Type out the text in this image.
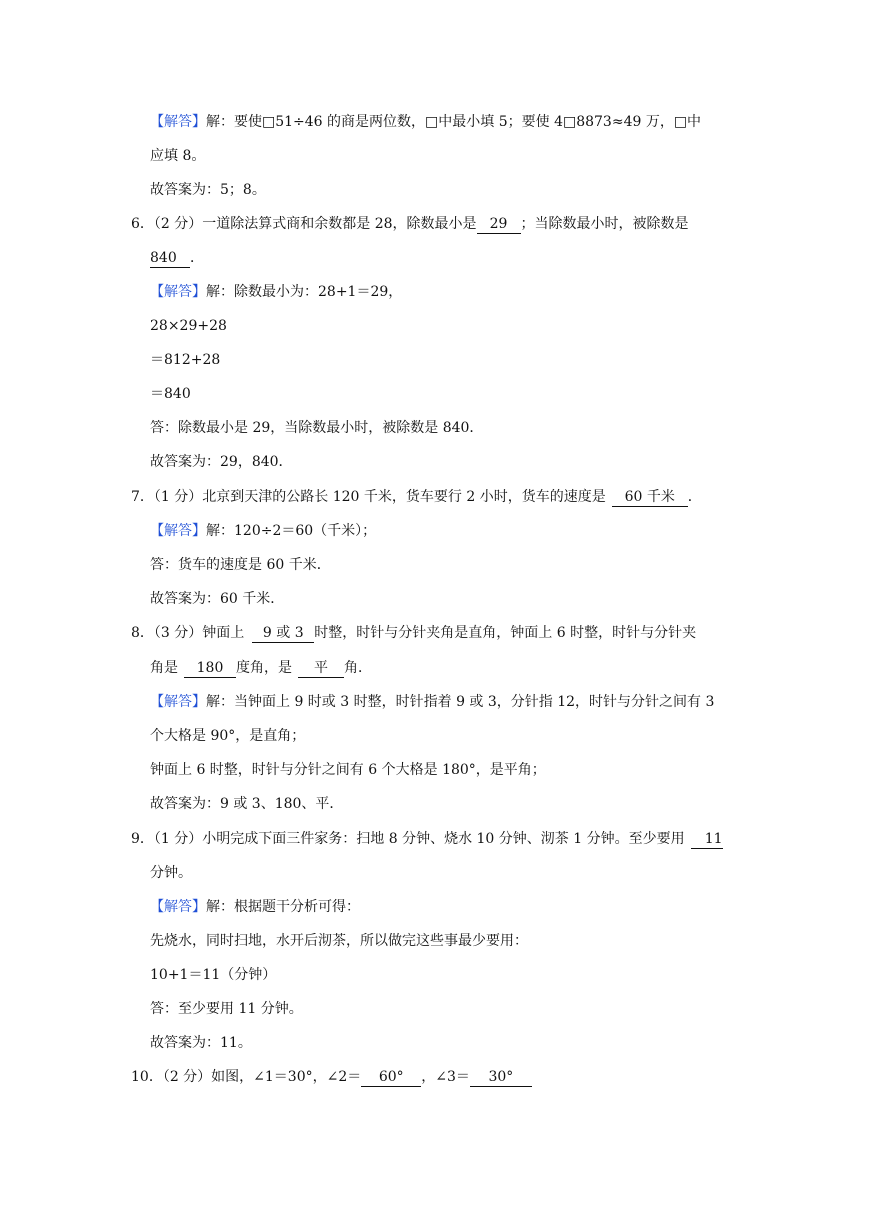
【解答】解：要使□51÷46 的商是两位数，□中最小填 5；要使 4□8873≈49 万，□中
应填 8。
故答案为：5；8。
6．（2 分）一道除法算式商和余数都是 28，除数最小是 29 ；当除数最小时，被除数是
840 ．
【解答】解：除数最小为：28+1＝29，
28×29+28
＝812+28
＝840
答：除数最小是 29，当除数最小时，被除数是 840．
故答案为：29，840．
7．（1 分）北京到天津的公路长 120 千米，货车要行 2 小时，货车的速度是 60 千米 ．
【解答】解：120÷2＝60（千米）；
答：货车的速度是 60 千米．
故答案为：60 千米．
8．（3 分）钟面上 9 或 3 时整，时针与分针夹角是直角，钟面上 6 时整，时针与分针夹
角是 180 度角，是 平 角．
【解答】解：当钟面上 9 时或 3 时整，时针指着 9 或 3，分针指 12，时针与分针之间有 3
个大格是 90°，是直角；
钟面上 6 时整，时针与分针之间有 6 个大格是 180°，是平角；
故答案为：9 或 3、180、平．
9．（1 分）小明完成下面三件家务：扫地 8 分钟、烧水 10 分钟、沏茶 1 分钟。至少要用 11
分钟。
【解答】解：根据题干分析可得：
先烧水，同时扫地，水开后沏茶，所以做完这些事最少要用：
10+1＝11（分钟）
答：至少要用 11 分钟。
故答案为：11。
10．（2 分）如图，∠1＝30°，∠2＝ 60° ，∠3＝ 30°
